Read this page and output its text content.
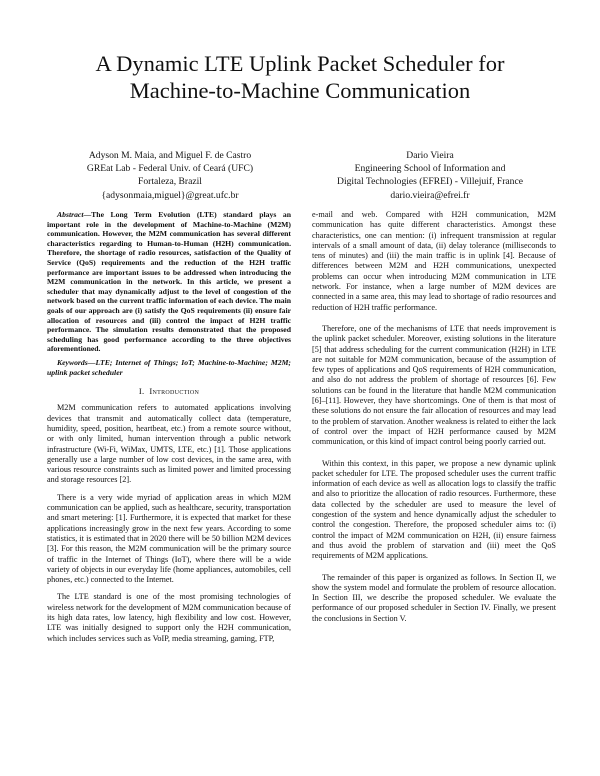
A Dynamic LTE Uplink Packet Scheduler for
Machine-to-Machine Communication
Adyson M. Maia, and Miguel F. de Castro
GREat Lab - Federal Univ. of Ceará (UFC)
Fortaleza, Brazil
{adysonmaia,miguel}@great.ufc.br
Dario Vieira
Engineering School of Information and
Digital Technologies (EFREI) - Villejuif, France
dario.vieira@efrei.fr

Abstract—The Long Term Evolution (LTE) standard plays an important role in the development of Machine-to-Machine (M2M) communication. However, the M2M communication has several different characteristics regarding to Human-to-Human (H2H) communication. Therefore, the shortage of radio resources, satisfaction of the Quality of Service (QoS) requirements and the reduction of the H2H traffic performance are important issues to be addressed when introducing the M2M communication in the network. In this article, we present a scheduler that may dynamically adjust to the level of congestion of the network based on the current traffic information of each device. The main goals of our approach are (i) satisfy the QoS requirements (ii) ensure fair allocation of resources and (iii) control the impact of H2H traffic performance. The simulation results demonstrated that the proposed scheduling has good performance according to the three objectives aforementioned.

Keywords—LTE; Internet of Things; IoT; Machine-to-Machine; M2M; uplink packet scheduler

I. Introduction

M2M communication refers to automated applications involving devices that transmit and automatically collect data (temperature, humidity, speed, position, heartbeat, etc.) from a remote source without, or with only limited, human intervention through a public network infrastructure (Wi-Fi, WiMax, UMTS, LTE, etc.) [1]. Those applications generally use a large number of low cost devices, in the same area, with various resource constraints such as limited power and limited processing and storage resources [2].

There is a very wide myriad of application areas in which M2M communication can be applied, such as healthcare, security, transportation and smart metering: [1]. Furthermore, it is expected that market for these applications increasingly grow in the next few years. According to some statistics, it is estimated that in 2020 there will be 50 billion M2M devices [3]. For this reason, the M2M communication will be the primary source of traffic in the Internet of Things (IoT), where there will be a wide variety of objects in our everyday life (home appliances, automobiles, cell phones, etc.) connected to the Internet.

The LTE standard is one of the most promising technologies of wireless network for the development of M2M communication because of its high data rates, low latency, high flexibility and low cost. However, LTE was initially designed to support only the H2H communication, which includes services such as VoIP, media streaming, gaming, FTP,

e-mail and web. Compared with H2H communication, M2M communication has quite different characteristics. Amongst these characteristics, one can mention: (i) infrequent transmission at regular intervals of a small amount of data, (ii) delay tolerance (milliseconds to tens of minutes) and (iii) the main traffic is in uplink [4]. Because of differences between M2M and H2H communications, unexpected problems can occur when introducing M2M communication in LTE network. For instance, when a large number of M2M devices are connected in a same area, this may lead to shortage of radio resources and reduction of H2H traffic performance.

Therefore, one of the mechanisms of LTE that needs improvement is the uplink packet scheduler. Moreover, existing solutions in the literature [5] that address scheduling for the current communication (H2H) in LTE are not suitable for M2M communication, because of the assumption of few types of applications and QoS requirements of H2H communication, and also do not address the problem of shortage of resources [6]. Few solutions can be found in the literature that handle M2M communication [6]–[11]. However, they have shortcomings. One of them is that most of these solutions do not ensure the fair allocation of resources and may lead to the problem of starvation. Another weakness is related to either the lack of control over the impact of H2H performance caused by M2M communication, or this kind of impact control being poorly carried out.

Within this context, in this paper, we propose a new dynamic uplink packet scheduler for LTE. The proposed scheduler uses the current traffic information of each device as well as allocation logs to classify the traffic and also to prioritize the allocation of radio resources. Furthermore, these data collected by the scheduler are used to measure the level of congestion of the system and hence dynamically adjust the scheduler to control the congestion. Therefore, the proposed scheduler aims to: (i) control the impact of M2M communication on H2H, (ii) ensure fairness and thus avoid the problem of starvation and (iii) meet the QoS requirements of M2M applications.

The remainder of this paper is organized as follows. In Section II, we show the system model and formulate the problem of resource allocation. In Section III, we describe the proposed scheduler. We evaluate the performance of our proposed scheduler in Section IV. Finally, we present the conclusions in Section V.
